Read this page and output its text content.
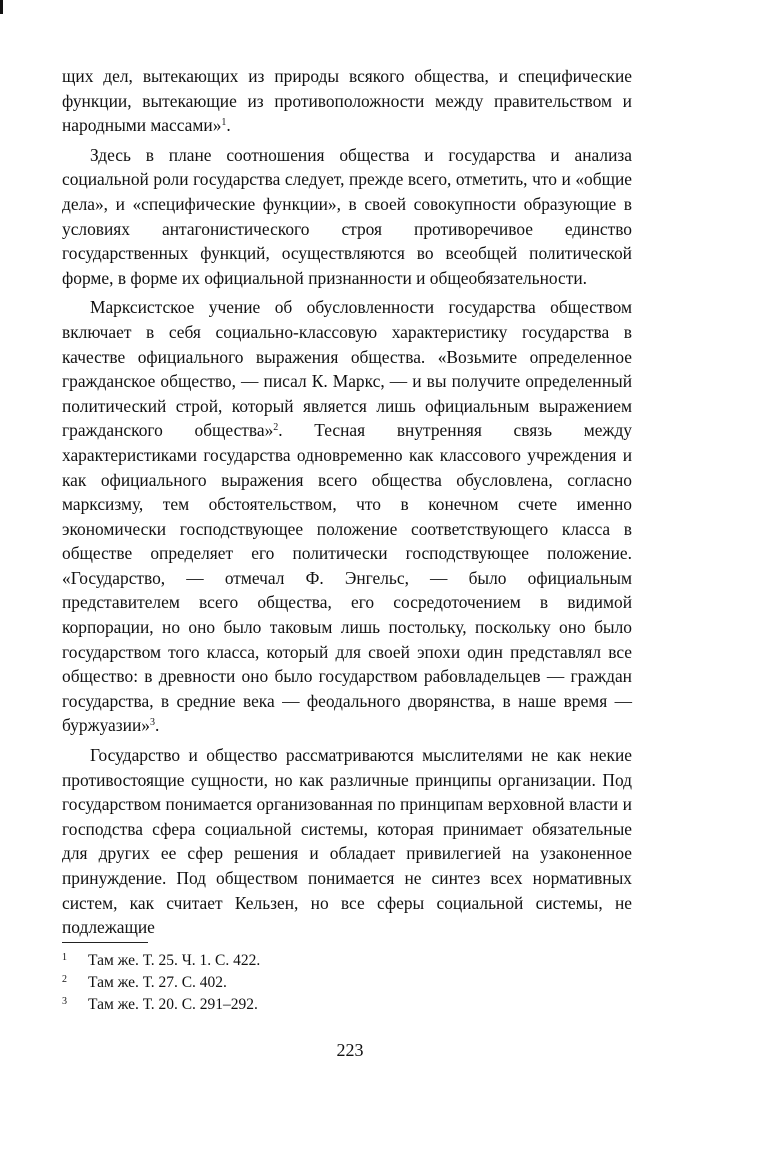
щих дел, вытекающих из природы всякого общества, и специфические функции, вытекающие из противоположности между правительством и народными массами»$^1$.

Здесь в плане соотношения общества и государства и анализа социальной роли государства следует, прежде всего, отметить, что и «общие дела», и «специфические функции», в своей совокупности образующие в условиях антагонистического строя противоречивое единство государственных функций, осуществляются во всеобщей политической форме, в форме их официальной признанности и общеобязательности.

Марксистское учение об обусловленности государства обществом включает в себя социально-классовую характеристику государства в качестве официального выражения общества. «Возьмите определенное гражданское общество, — писал К. Маркс, — и вы получите определенный политический строй, который является лишь официальным выражением гражданского общества»$^2$. Тесная внутренняя связь между характеристиками государства одновременно как классового учреждения и как официального выражения всего общества обусловлена, согласно марксизму, тем обстоятельством, что в конечном счете именно экономически господствующее положение соответствующего класса в обществе определяет его политически господствующее положение. «Государство, — отмечал Ф. Энгельс, — было официальным представителем всего общества, его сосредоточением в видимой корпорации, но оно было таковым лишь постольку, поскольку оно было государством того класса, который для своей эпохи один представлял все общество: в древности оно было государством рабовладельцев — граждан государства, в средние века — феодального дворянства, в наше время — буржуазии»$^3$.

Государство и общество рассматриваются мыслителями не как некие противостоящие сущности, но как различные принципы организации. Под государством понимается организованная по принципам верховной власти и господства сфера социальной системы, которая принимает обязательные для других ее сфер решения и обладает привилегией на узаконенное принуждение. Под обществом понимается не синтез всех нормативных систем, как считает Кельзен, но все сферы социальной системы, не подлежащие

1	Там же. Т. 25. Ч. 1. С. 422.
2	Там же. Т. 27. С. 402.
3	Там же. Т. 20. С. 291–292.
223
